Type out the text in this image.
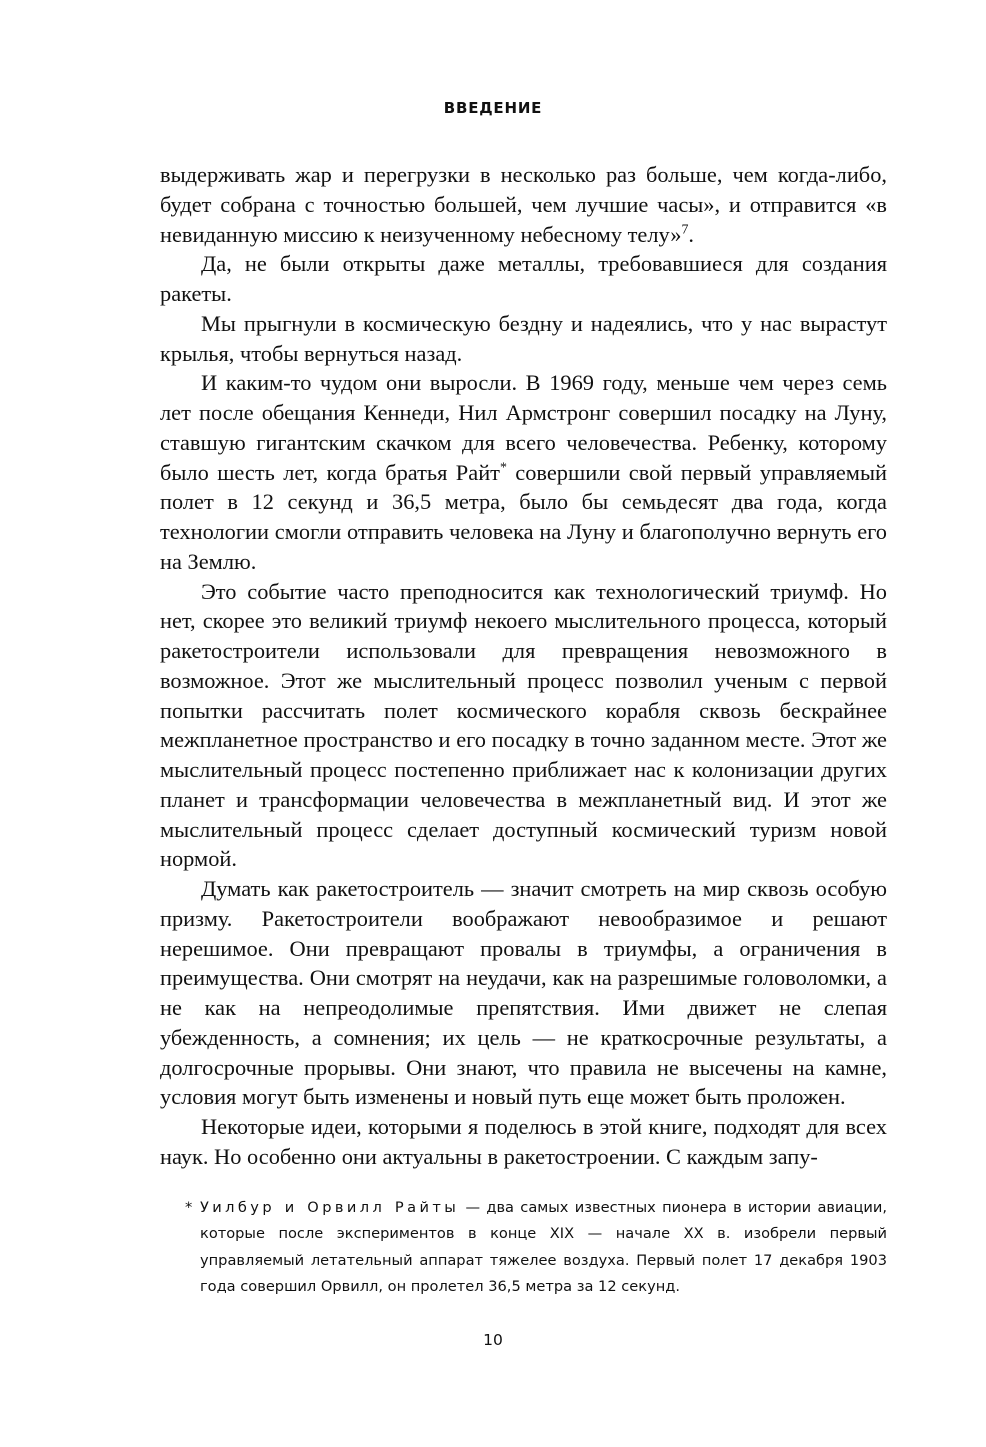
ВВЕДЕНИЕ

выдерживать жар и перегрузки в несколько раз больше, чем когда-либо, будет собрана с точностью большей, чем лучшие часы», и отправится «в невиданную миссию к неизученному небесному телу»$^7$.

Да, не были открыты даже металлы, требовавшиеся для создания ракеты.

Мы прыгнули в космическую бездну и надеялись, что у нас вырастут крылья, чтобы вернуться назад.

И каким-то чудом они выросли. В 1969 году, меньше чем через семь лет после обещания Кеннеди, Нил Армстронг совершил посадку на Луну, ставшую гигантским скачком для всего человечества. Ребенку, которому было шесть лет, когда братья Райт* совершили свой первый управляемый полет в 12 секунд и 36,5 метра, было бы семьдесят два года, когда технологии смогли отправить человека на Луну и благополучно вернуть его на Землю.

Это событие часто преподносится как технологический триумф. Но нет, скорее это великий триумф некоего мыслительного процесса, который ракетостроители использовали для превращения невозможного в возможное. Этот же мыслительный процесс позволил ученым с первой попытки рассчитать полет космического корабля сквозь бескрайнее межпланетное пространство и его посадку в точно заданном месте. Этот же мыслительный процесс постепенно приближает нас к колонизации других планет и трансформации человечества в межпланетный вид. И этот же мыслительный процесс сделает доступный космический туризм новой нормой.

Думать как ракетостроитель — значит смотреть на мир сквозь особую призму. Ракетостроители воображают невообразимое и решают нерешимое. Они превращают провалы в триумфы, а ограничения в преимущества. Они смотрят на неудачи, как на разрешимые головоломки, а не как на непреодолимые препятствия. Ими движет не слепая убежденность, а сомнения; их цель — не краткосрочные результаты, а долгосрочные прорывы. Они знают, что правила не высечены на камне, условия могут быть изменены и новый путь еще может быть проложен.

Некоторые идеи, которыми я поделюсь в этой книге, подходят для всех наук. Но особенно они актуальны в ракетостроении. С каждым запу-

* Уилбур и Орвилл Райты — два самых известных пионера в истории авиации, которые после экспериментов в конце XIX — начале XX в. изобрели первый управляемый летательный аппарат тяжелее воздуха. Первый полет 17 декабря 1903 года совершил Орвилл, он пролетел 36,5 метра за 12 секунд.

10
